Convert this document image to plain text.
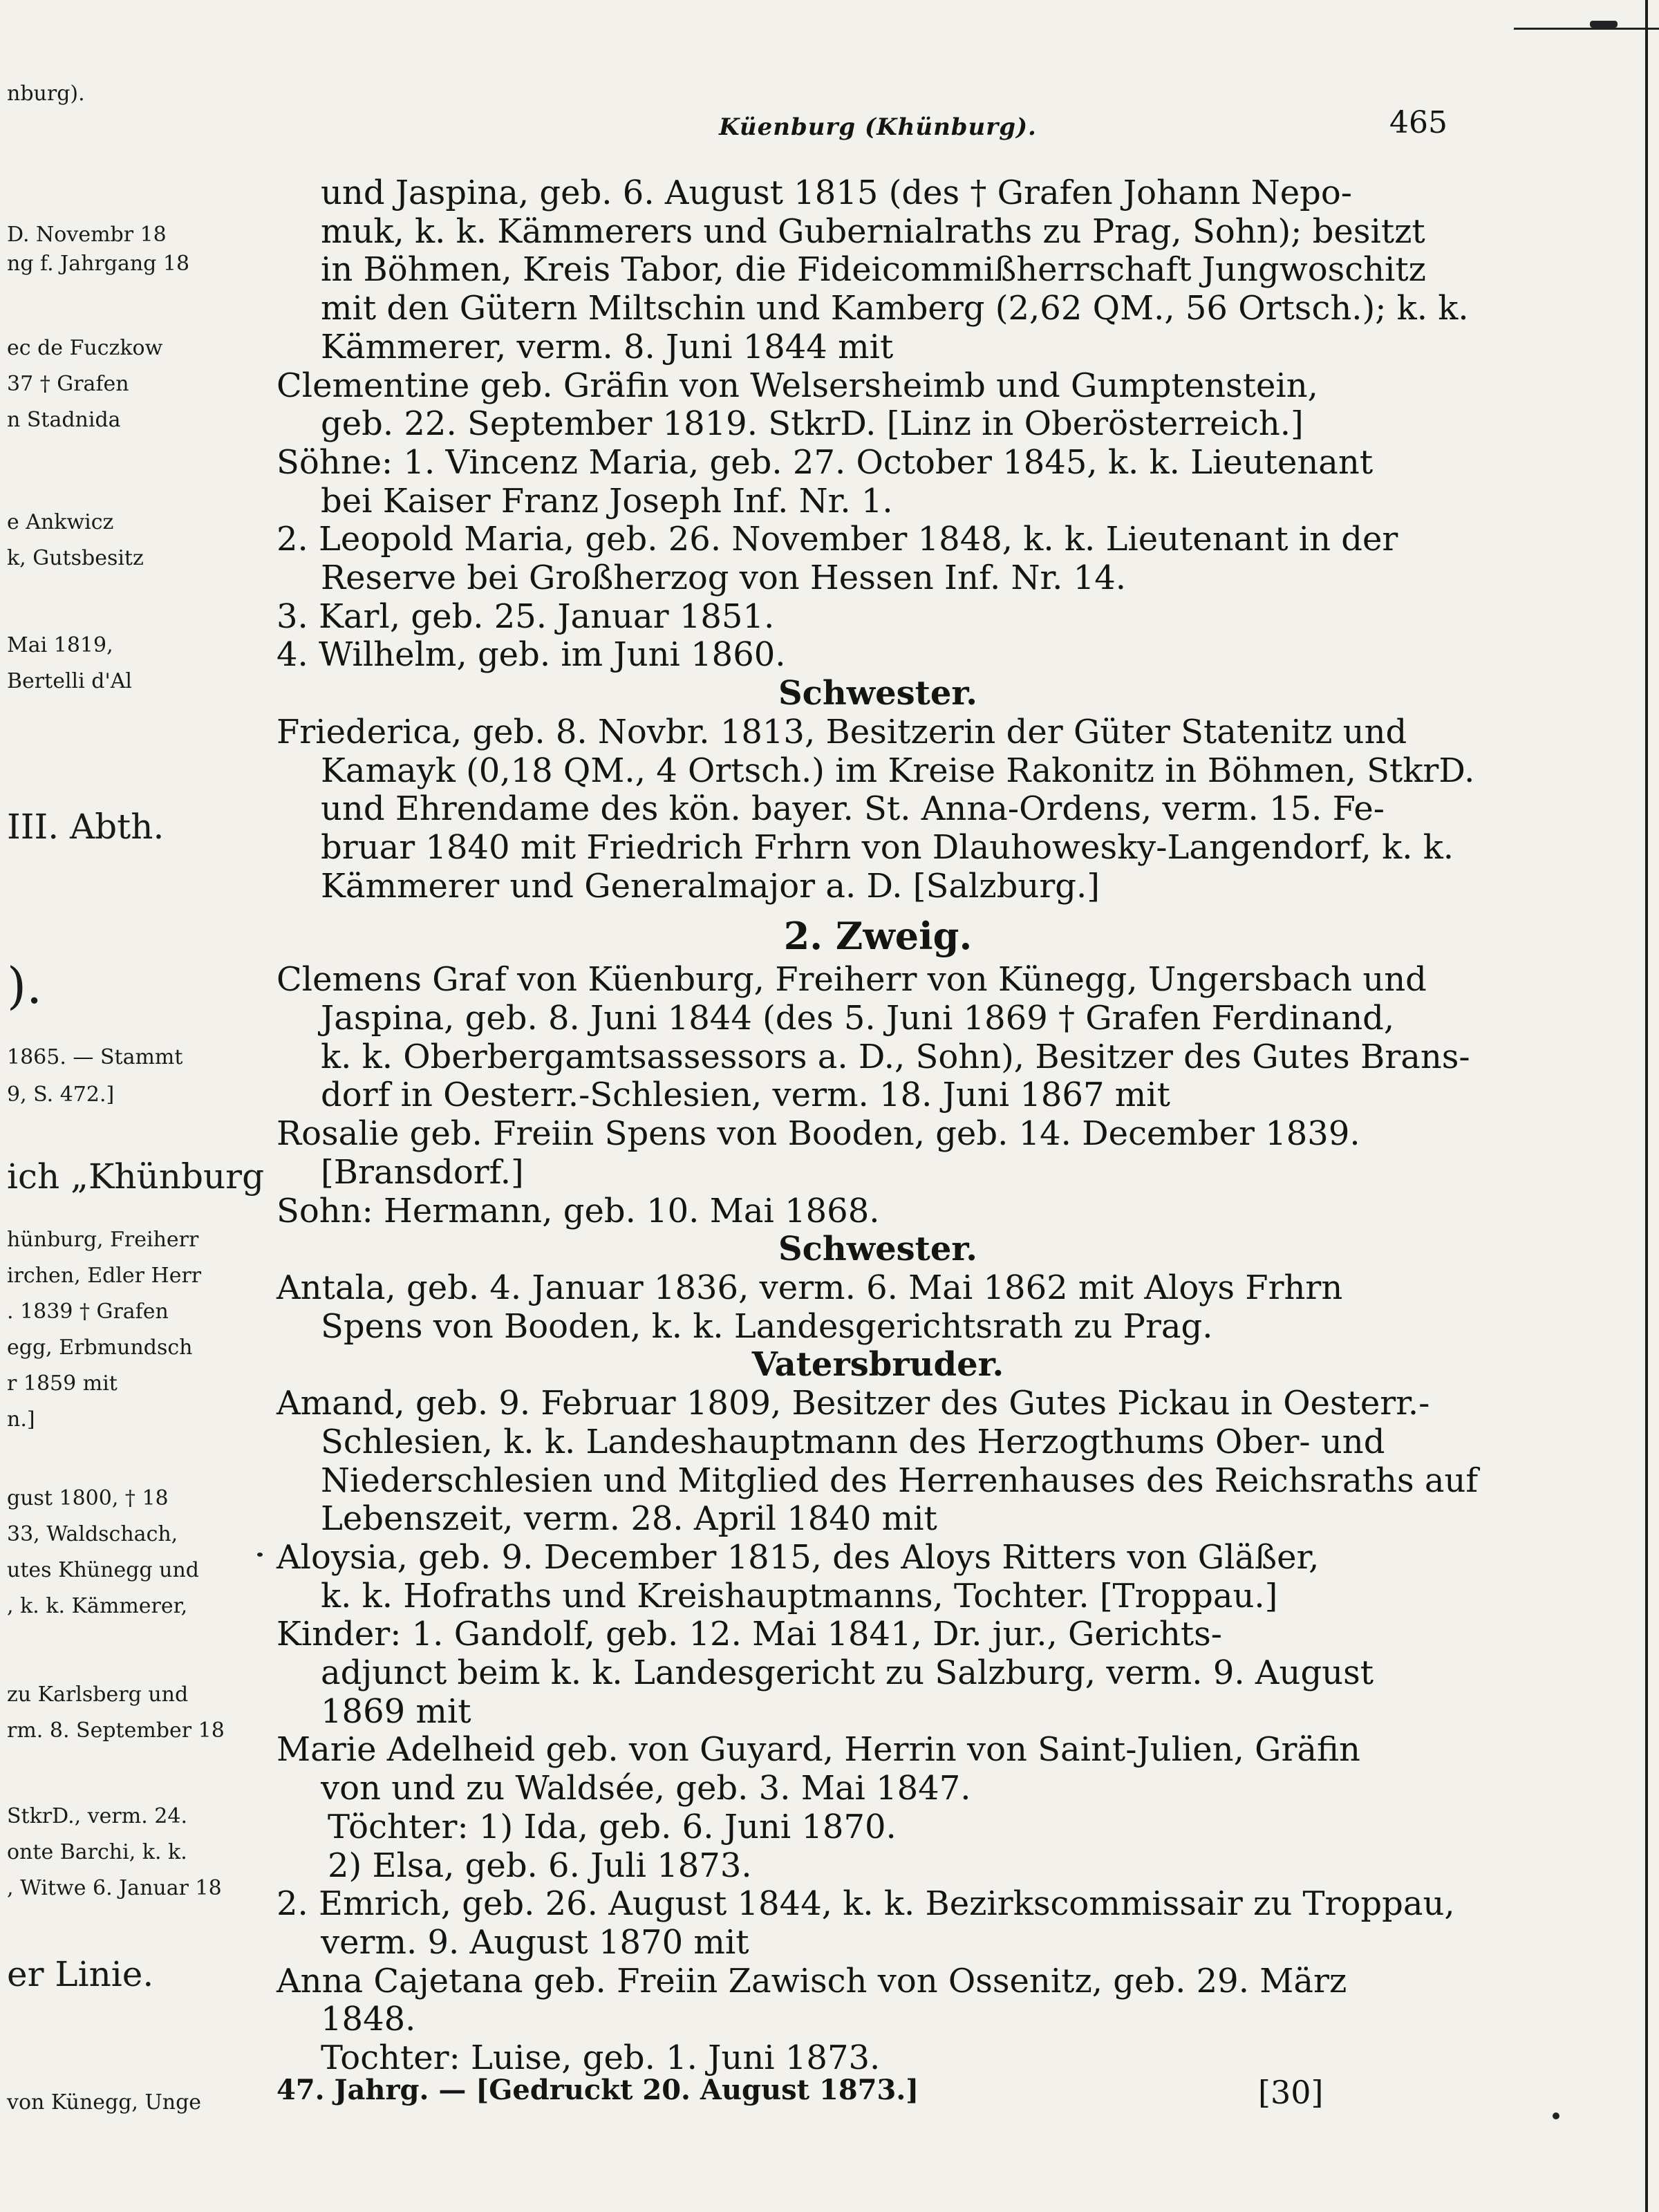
nburg).
D. Novembr 18
ng f. Jahrgang 18
ec de Fuczkow
37 † Grafen
n Stadnida
e Ankwicz
k, Gutsbesitz
Mai 1819,
Bertelli d'Al
III. Abth.
).
1865. — Stammt
9, S. 472.]
ich „Khünburg
hünburg, Freiherr
irchen, Edler Herr
. 1839 † Grafen
egg, Erbmundsch
r 1859 mit
n.]
gust 1800, † 18
33, Waldschach,
utes Khünegg und
, k. k. Kämmerer,
zu Karlsberg und
rm. 8. September 18
StkrD., verm. 24.
onte Barchi, k. k.
, Witwe 6. Januar 18
er Linie.
von Künegg, Unge
Küenburg (Khünburg).	465
und Jaspina, geb. 6. August 1815 (des † Grafen Johann Nepo-
muk, k. k. Kämmerers und Gubernialraths zu Prag, Sohn); besitzt
in Böhmen, Kreis Tabor, die Fideicommißherrschaft Jungwoschitz
mit den Gütern Miltschin und Kamberg (2,62 QM., 56 Ortsch.); k. k.
Kämmerer, verm. 8. Juni 1844 mit
Clementine geb. Gräfin von Welsersheimb und Gumptenstein,
geb. 22. September 1819. StkrD. [Linz in Oberösterreich.]
Söhne: 1. Vincenz Maria, geb. 27. October 1845, k. k. Lieutenant
bei Kaiser Franz Joseph Inf. Nr. 1.
2. Leopold Maria, geb. 26. November 1848, k. k. Lieutenant in der
Reserve bei Großherzog von Hessen Inf. Nr. 14.
3. Karl, geb. 25. Januar 1851.
4. Wilhelm, geb. im Juni 1860.
Schwester.
Friederica, geb. 8. Novbr. 1813, Besitzerin der Güter Statenitz und
Kamayk (0,18 QM., 4 Ortsch.) im Kreise Rakonitz in Böhmen, StkrD.
und Ehrendame des kön. bayer. St. Anna-Ordens, verm. 15. Fe-
bruar 1840 mit Friedrich Frhrn von Dlauhowesky-Langendorf, k. k.
Kämmerer und Generalmajor a. D. [Salzburg.]
2. Zweig.
Clemens Graf von Küenburg, Freiherr von Künegg, Ungersbach und
Jaspina, geb. 8. Juni 1844 (des 5. Juni 1869 † Grafen Ferdinand,
k. k. Oberbergamtsassessors a. D., Sohn), Besitzer des Gutes Brans-
dorf in Oesterr.-Schlesien, verm. 18. Juni 1867 mit
Rosalie geb. Freiin Spens von Booden, geb. 14. December 1839.
[Bransdorf.]
Sohn: Hermann, geb. 10. Mai 1868.
Schwester.
Antala, geb. 4. Januar 1836, verm. 6. Mai 1862 mit Aloys Frhrn
Spens von Booden, k. k. Landesgerichtsrath zu Prag.
Vatersbruder.
Amand, geb. 9. Februar 1809, Besitzer des Gutes Pickau in Oesterr.-
Schlesien, k. k. Landeshauptmann des Herzogthums Ober- und
Niederschlesien und Mitglied des Herrenhauses des Reichsraths auf
Lebenszeit, verm. 28. April 1840 mit
Aloysia, geb. 9. December 1815, des Aloys Ritters von Gläßer,
k. k. Hofraths und Kreishauptmanns, Tochter. [Troppau.]
Kinder: 1. Gandolf, geb. 12. Mai 1841, Dr. jur., Gerichts-
adjunct beim k. k. Landesgericht zu Salzburg, verm. 9. August
1869 mit
Marie Adelheid geb. von Guyard, Herrin von Saint-Julien, Gräfin
von und zu Waldsée, geb. 3. Mai 1847.
Töchter: 1) Ida, geb. 6. Juni 1870.
2) Elsa, geb. 6. Juli 1873.
2. Emrich, geb. 26. August 1844, k. k. Bezirkscommissair zu Troppau,
verm. 9. August 1870 mit
Anna Cajetana geb. Freiin Zawisch von Ossenitz, geb. 29. März
1848.
Tochter: Luise, geb. 1. Juni 1873.
47. Jahrg. — [Gedruckt 20. August 1873.]	[30]
